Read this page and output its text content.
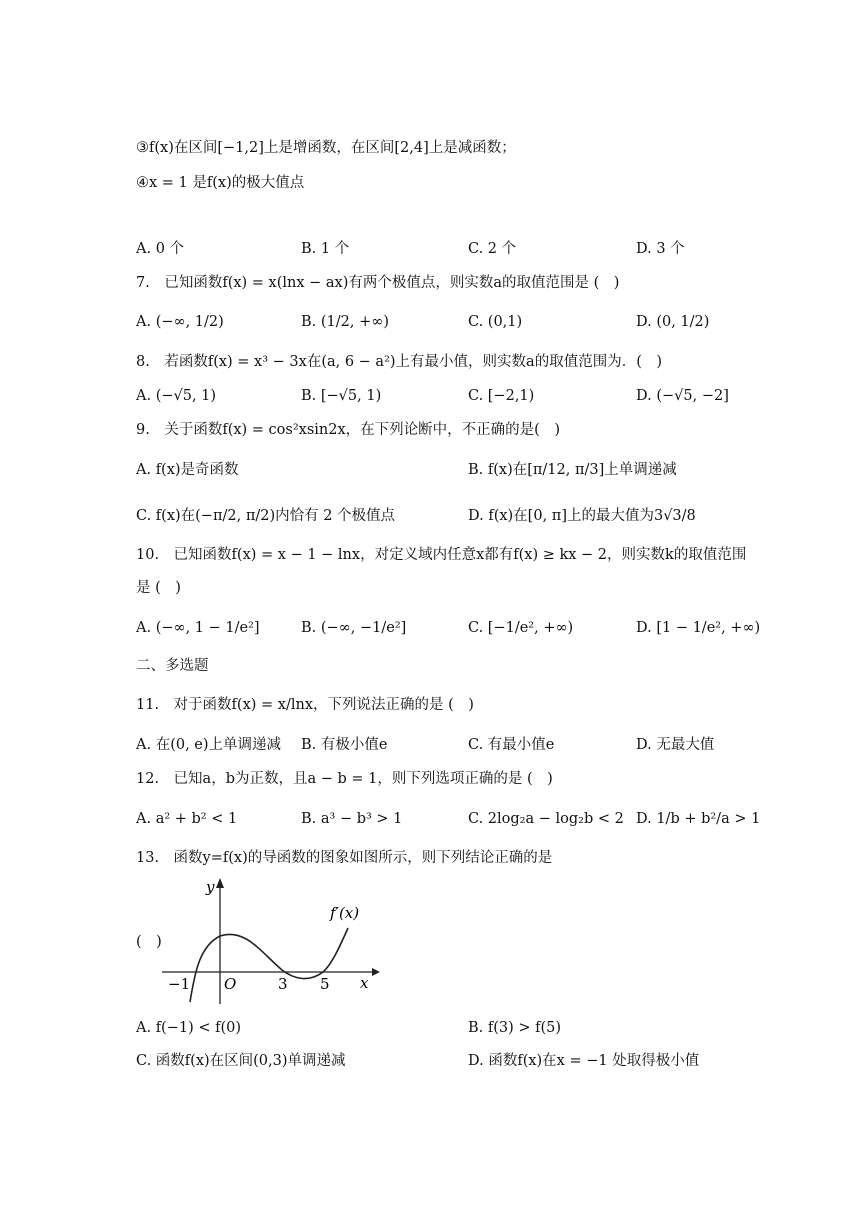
③f(x)在区间[−1,2]上是增函数，在区间[2,4]上是减函数；
④x = 1 是f(x)的极大值点
A. 0 个	B. 1 个	C. 2 个	D. 3 个
7.　已知函数f(x) = x(lnx − ax)有两个极值点，则实数a的取值范围是 (　)
A. (−∞, 1/2)	B. (1/2, +∞)	C. (0,1)	D. (0, 1/2)
8.　若函数f(x) = x³ − 3x在(a, 6 − a²)上有最小值，则实数a的取值范围为．(　)
A. (−√5, 1)	B. [−√5, 1)	C. [−2,1)	D. (−√5, −2]
9.　关于函数f(x) = cos²xsin2x，在下列论断中，不正确的是(　)
A. f(x)是奇函数	B. f(x)在[π/12, π/3]上单调递减
C. f(x)在(−π/2, π/2)内恰有 2 个极值点	D. f(x)在[0, π]上的最大值为3√3/8
10.　已知函数f(x) = x − 1 − lnx，对定义域内任意x都有f(x) ≥ kx − 2，则实数k的取值范围
是 (　)
A. (−∞, 1 − 1/e²]	B. (−∞, −1/e²]	C. [−1/e², +∞)	D. [1 − 1/e², +∞)
二、多选题
11.　对于函数f(x) = x/lnx，下列说法正确的是 (　)
A. 在(0, e)上单调递减 B. 有极小值e	C. 有最小值e	D. 无最大值
12.　已知a，b为正数，且a − b = 1，则下列选项正确的是 (　)
A. a² + b² < 1	B. a³ − b³ > 1	C. 2log₂a − log₂b < 2 D. 1/b + b²/a > 1
13.　函数y=f(x)的导函数的图象如图所示，则下列结论正确的是
(　)
y
x
O
f′(x)
−1	3 5
A. f(−1) < f(0)	B. f(3) > f(5)
C. 函数f(x)在区间(0,3)单调递减	D. 函数f(x)在x = −1 处取得极小值
